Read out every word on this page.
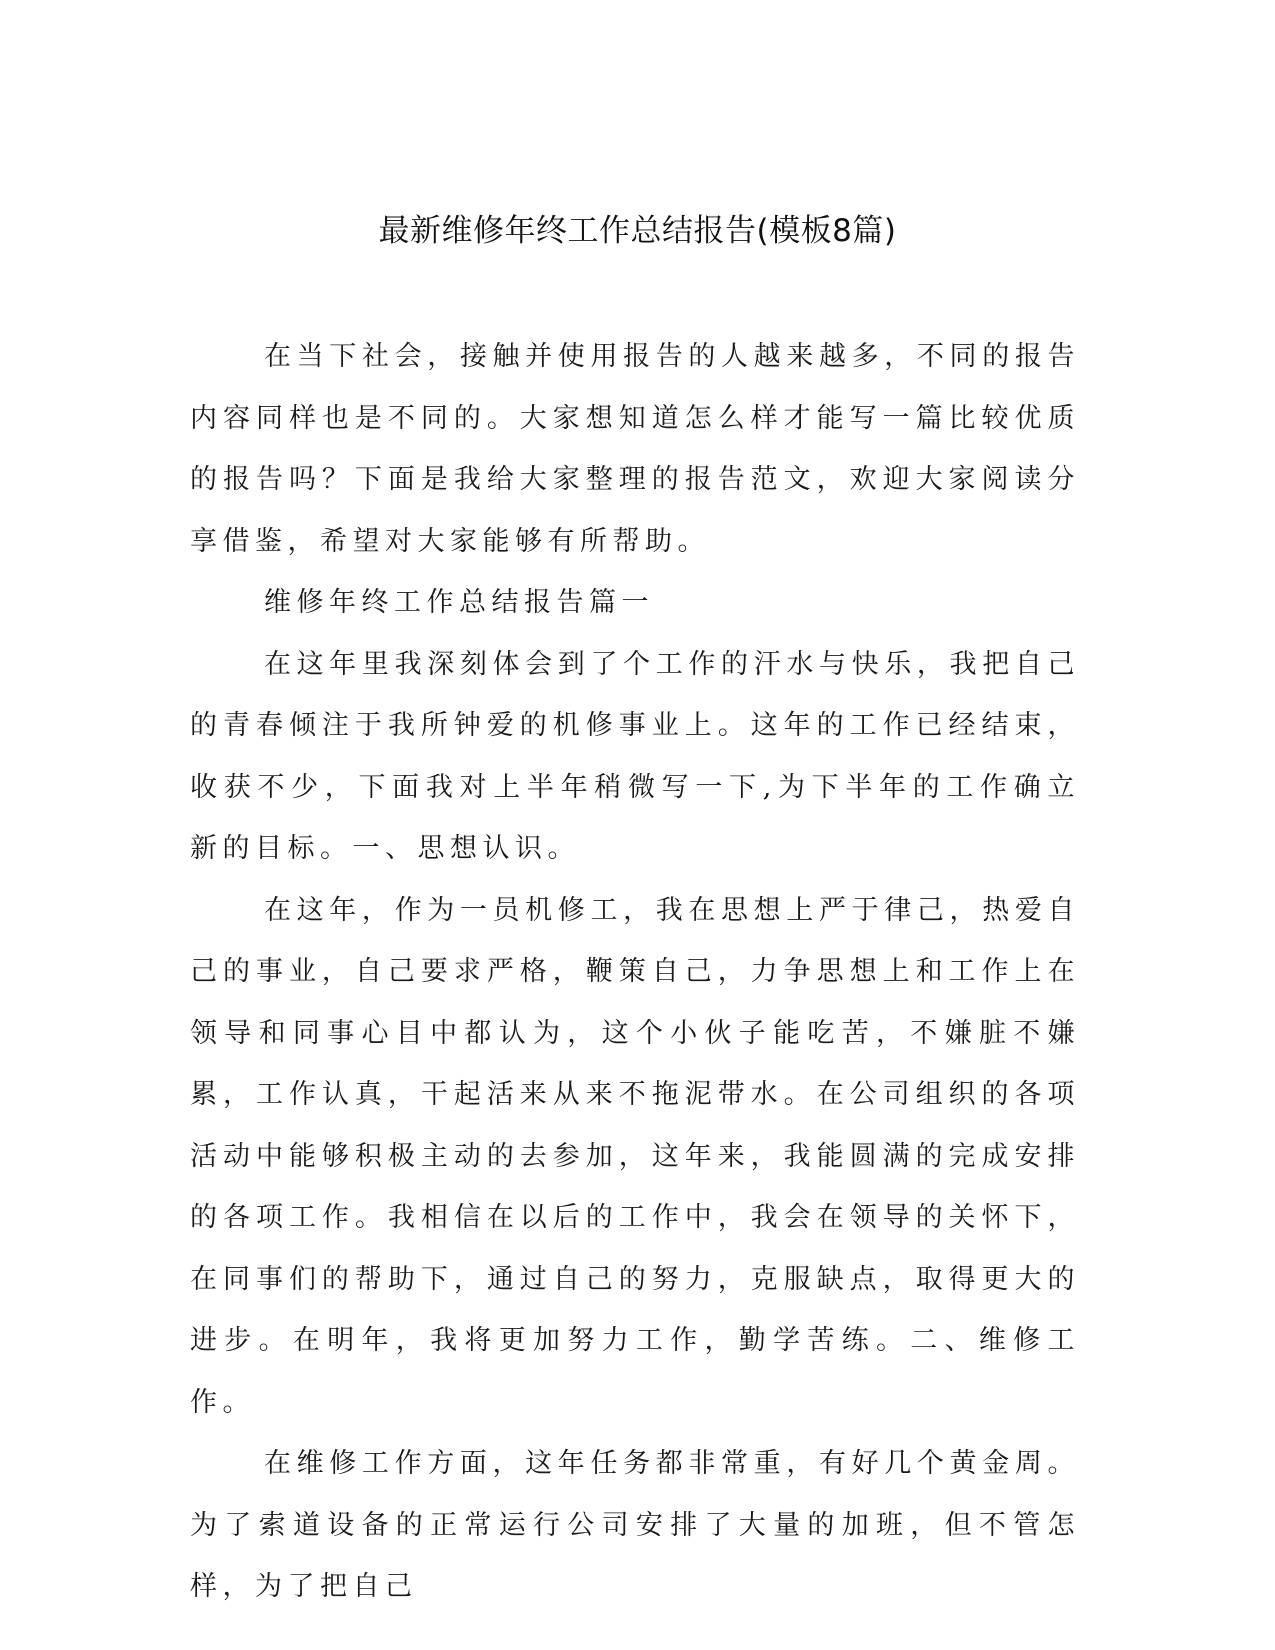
最新维修年终工作总结报告(模板8篇)

在当下社会，接触并使用报告的人越来越多，不同的报告内容同样也是不同的。大家想知道怎么样才能写一篇比较优质的报告吗？下面是我给大家整理的报告范文，欢迎大家阅读分享借鉴，希望对大家能够有所帮助。

维修年终工作总结报告篇一

在这年里我深刻体会到了个工作的汗水与快乐，我把自己的青春倾注于我所钟爱的机修事业上。这年的工作已经结束，收获不少，下面我对上半年稍微写一下,为下半年的工作确立新的目标。一、思想认识。

在这年，作为一员机修工，我在思想上严于律己，热爱自己的事业，自己要求严格，鞭策自己，力争思想上和工作上在领导和同事心目中都认为，这个小伙子能吃苦，不嫌脏不嫌累，工作认真，干起活来从来不拖泥带水。在公司组织的各项活动中能够积极主动的去参加，这年来，我能圆满的完成安排的各项工作。我相信在以后的工作中，我会在领导的关怀下，在同事们的帮助下，通过自己的努力，克服缺点，取得更大的进步。在明年，我将更加努力工作，勤学苦练。二、维修工作。

在维修工作方面，这年任务都非常重，有好几个黄金周。为了索道设备的正常运行公司安排了大量的加班，但不管怎样，为了把自己
